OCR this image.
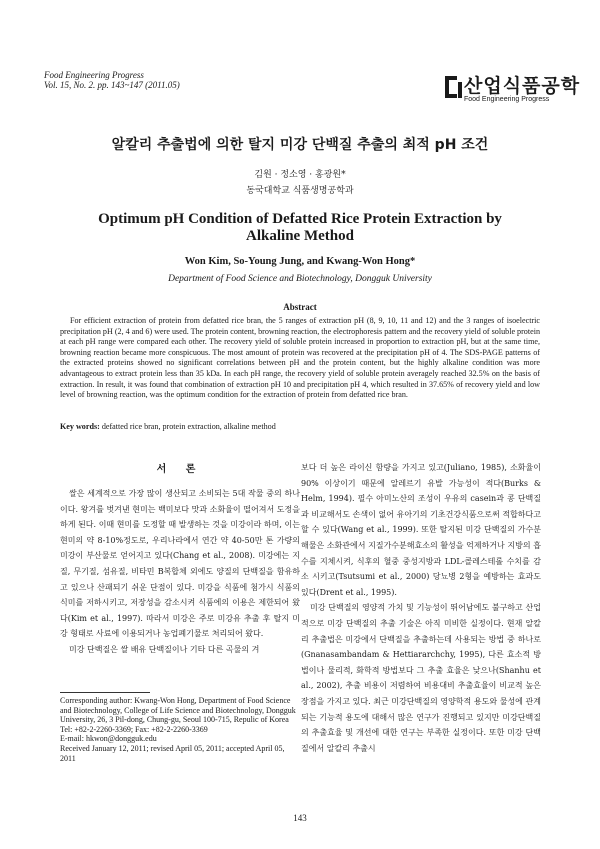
Food Engineering Progress
Vol. 15, No. 2. pp. 143~147 (2011.05)	산업식품공학
Food Engineering Progress
알칼리 추출법에 의한 탈지 미강 단백질 추출의 최적 pH 조건
김원 · 정소영 · 홍광원*
동국대학교 식품생명공학과
Optimum pH Condition of Defatted Rice Protein Extraction by Alkaline Method
Won Kim, So-Young Jung, and Kwang-Won Hong*
Department of Food Science and Biotechnology, Dongguk University
Abstract

For efficient extraction of protein from defatted rice bran, the 5 ranges of extraction pH (8, 9, 10, 11 and 12) and the 3 ranges of isoelectric precipitation pH (2, 4 and 6) were used. The protein content, browning reaction, the electrophoresis pattern and the recovery yield of soluble protein at each pH range were compared each other. The recovery yield of soluble protein increased in proportion to extraction pH, but at the same time, browning reaction became more conspicuous. The most amount of protein was recovered at the precipitation pH of 4. The SDS-PAGE patterns of the extracted proteins showed no significant correlations between pH and the protein content, but the highly alkaline condition was more advantageous to extract protein less than 35 kDa. In each pH range, the recovery yield of soluble protein averagely reached 32.5% on the basis of extraction. In result, it was found that combination of extraction pH 10 and precipitation pH 4, which resulted in 37.65% of recovery yield and low level of browning reaction, was the optimum condition for the extraction of protein from defatted rice bran.

Key words: defatted rice bran, protein extraction, alkaline method
서 론

쌀은 세계적으로 가장 많이 생산되고 소비되는 5대 작물 중의 하나이다. 왕겨를 벗겨낸 현미는 백미보다 맛과 소화율이 떨어져서 도정을 하게 된다. 이때 현미를 도정할 때 발생하는 것을 미강이라 하며, 이는 현미의 약 8-10%정도로, 우리나라에서 연간 약 40-50만 톤 가량의 미강이 부산물로 얻어지고 있다(Chang et al., 2008). 미강에는 지질, 무기질, 섬유질, 비타민 B복합체 외에도 양질의 단백질을 함유하고 있으나 산패되기 쉬운 단점이 있다. 미강을 식품에 첨가시 식품의 식미를 저하시키고, 저장성을 감소시켜 식품에의 이용은 제한되어 왔다(Kim et al., 1997). 따라서 미강은 주로 미강유 추출 후 탈지 미강 형태로 사료에 이용되거나 농업폐기물로 처리되어 왔다.

미강 단백질은 쌀 배유 단백질이나 기타 다른 곡물의 겨

보다 더 높은 라이신 함량을 가지고 있고(Juliano, 1985), 소화율이 90% 이상이기 때문에 알레르기 유발 가능성이 적다(Burks & Helm, 1994). 필수 아미노산의 조성이 우유의 casein과 콩 단백질과 비교해서도 손색이 없어 유아기의 기초건강식품으로써 적합하다고 할 수 있다(Wang et al., 1999). 또한 탈지된 미강 단백질의 가수분해물은 소화관에서 지질가수분해효소의 활성을 억제하거나 지방의 흡수를 지체시켜, 식후의 혈중 중성지방과 LDL-콜레스테롤 수치를 감소 시키고(Tsutsumi et al., 2000) 당뇨병 2형을 예방하는 효과도 있다(Drent et al., 1995).

미강 단백질의 영양적 가치 및 기능성이 뛰어남에도 불구하고 산업적으로 미강 단백질의 추출 기술은 아직 미비한 실정이다. 현재 알칼리 추출법은 미강에서 단백질을 추출하는데 사용되는 방법 중 하나로(Gnanasambandam & Hettiararchchy, 1995), 다른 효소적 방법이나 물리적, 화학적 방법보다 그 추출 효율은 낮으나(Shanhu et al., 2002), 추출 비용이 저렴하여 비용대비 추출효율이 비교적 높은 장점을 가지고 있다. 최근 미강단백질의 영양학적 용도와 물성에 관계되는 기능적 용도에 대해서 많은 연구가 진행되고 있지만 미강단백질의 추출효율 및 개선에 대한 연구는 부족한 실정이다. 또한 미강 단백질에서 알칼리 추출시

Corresponding author: Kwang-Won Hong, Department of Food Science and Biotechnology, College of Life Science and Biotechnology, Dongguk University, 26, 3 Pil-dong, Chung-gu, Seoul 100-715, Repulic of Korea
Tel: +82-2-2260-3369; Fax: +82-2-2260-3369
E-mail: hkwon@dongguk.edu
Received January 12, 2011; revised April 05, 2011; accepted April 05, 2011
143
